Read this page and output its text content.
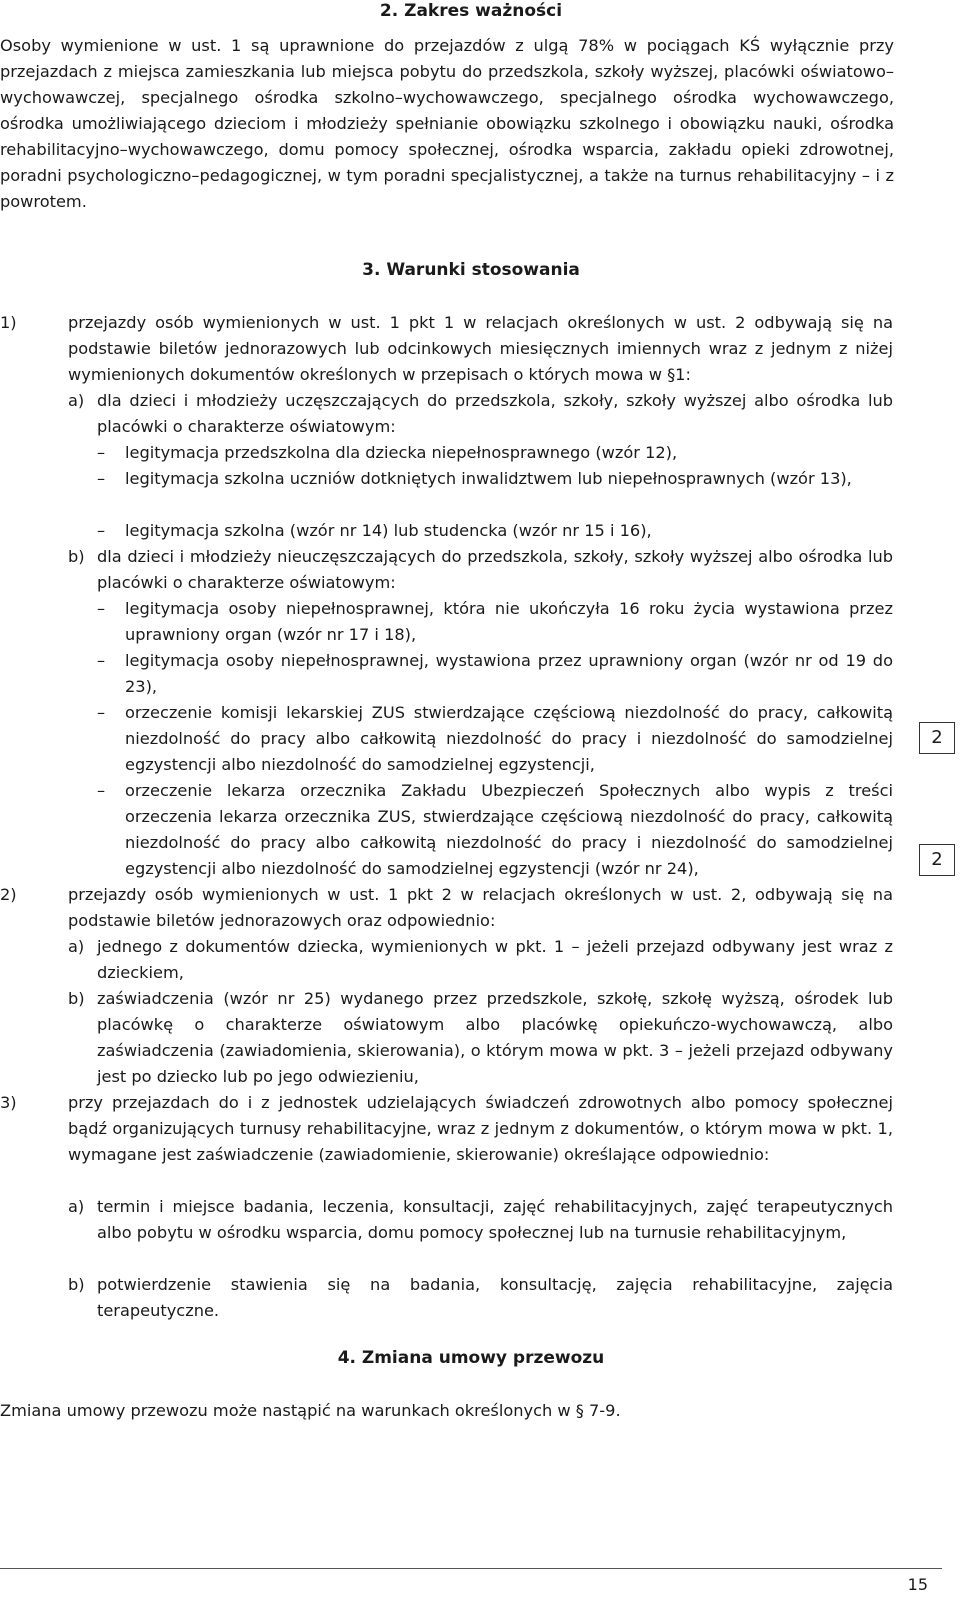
2. Zakres ważności

Osoby wymienione w ust. 1 są uprawnione do przejazdów z ulgą 78% w pociągach KŚ wyłącznie przy przejazdach z miejsca zamieszkania lub miejsca pobytu do przedszkola, szkoły wyższej, placówki oświatowo–wychowawczej, specjalnego ośrodka szkolno–wychowawczego, specjalnego ośrodka wychowawczego, ośrodka umożliwiającego dzieciom i młodzieży spełnianie obowiązku szkolnego i obowiązku nauki, ośrodka rehabilitacyjno–wychowawczego, domu pomocy społecznej, ośrodka wsparcia, zakładu opieki zdrowotnej, poradni psychologiczno–pedagogicznej, w tym poradni specjalistycznej, a także na turnus rehabilitacyjny – i z powrotem.

3. Warunki stosowania
1)	przejazdy osób wymienionych w ust. 1 pkt 1 w relacjach określonych w ust. 2 odbywają się na podstawie biletów jednorazowych lub odcinkowych miesięcznych imiennych wraz z jednym z niżej wymienionych dokumentów określonych w przepisach o których mowa w §1:

a) dla dzieci i młodzieży uczęszczających do przedszkola, szkoły, szkoły wyższej albo ośrodka lub placówki o charakterze oświatowym:

– legitymacja przedszkolna dla dziecka niepełnosprawnego (wzór 12),

– legitymacja szkolna uczniów dotkniętych inwalidztwem lub niepełnosprawnych (wzór 13),

– legitymacja szkolna (wzór nr 14) lub studencka (wzór nr 15 i 16),

b) dla dzieci i młodzieży nieuczęszczających do przedszkola, szkoły, szkoły wyższej albo ośrodka lub placówki o charakterze oświatowym:

– legitymacja osoby niepełnosprawnej, która nie ukończyła 16 roku życia wystawiona przez uprawniony organ (wzór nr 17 i 18),

– legitymacja osoby niepełnosprawnej, wystawiona przez uprawniony organ (wzór nr od 19 do 23),

– orzeczenie komisji lekarskiej ZUS stwierdzające częściową niezdolność do pracy, całkowitą niezdolność do pracy albo całkowitą niezdolność do pracy i niezdolność do samodzielnej egzystencji albo niezdolność do samodzielnej egzystencji,

– orzeczenie lekarza orzecznika Zakładu Ubezpieczeń Społecznych albo wypis z treści orzeczenia lekarza orzecznika ZUS, stwierdzające częściową niezdolność do pracy, całkowitą niezdolność do pracy albo całkowitą niezdolność do pracy i niezdolność do samodzielnej egzystencji albo niezdolność do samodzielnej egzystencji (wzór nr 24),

2)	przejazdy osób wymienionych w ust. 1 pkt 2 w relacjach określonych w ust. 2, odbywają się na podstawie biletów jednorazowych oraz odpowiednio:

a) jednego z dokumentów dziecka, wymienionych w pkt. 1 – jeżeli przejazd odbywany jest wraz z dzieckiem,

b) zaświadczenia (wzór nr 25) wydanego przez przedszkole, szkołę, szkołę wyższą, ośrodek lub placówkę o charakterze oświatowym albo placówkę opiekuńczo-wychowawczą, albo zaświadczenia (zawiadomienia, skierowania), o którym mowa w pkt. 3 – jeżeli przejazd odbywany jest po dziecko lub po jego odwiezieniu,

3)	przy przejazdach do i z jednostek udzielających świadczeń zdrowotnych albo pomocy społecznej bądź organizujących turnusy rehabilitacyjne, wraz z jednym z dokumentów, o którym mowa w pkt. 1, wymagane jest zaświadczenie (zawiadomienie, skierowanie) określające odpowiednio:

a) termin i miejsce badania, leczenia, konsultacji, zajęć rehabilitacyjnych, zajęć terapeutycznych albo pobytu w ośrodku wsparcia, domu pomocy społecznej lub na turnusie rehabilitacyjnym,

b) potwierdzenie stawienia się na badania, konsultację, zajęcia rehabilitacyjne, zajęcia terapeutyczne.

4. Zmiana umowy przewozu

Zmiana umowy przewozu może nastąpić na warunkach określonych w § 7-9.

2
2
15
